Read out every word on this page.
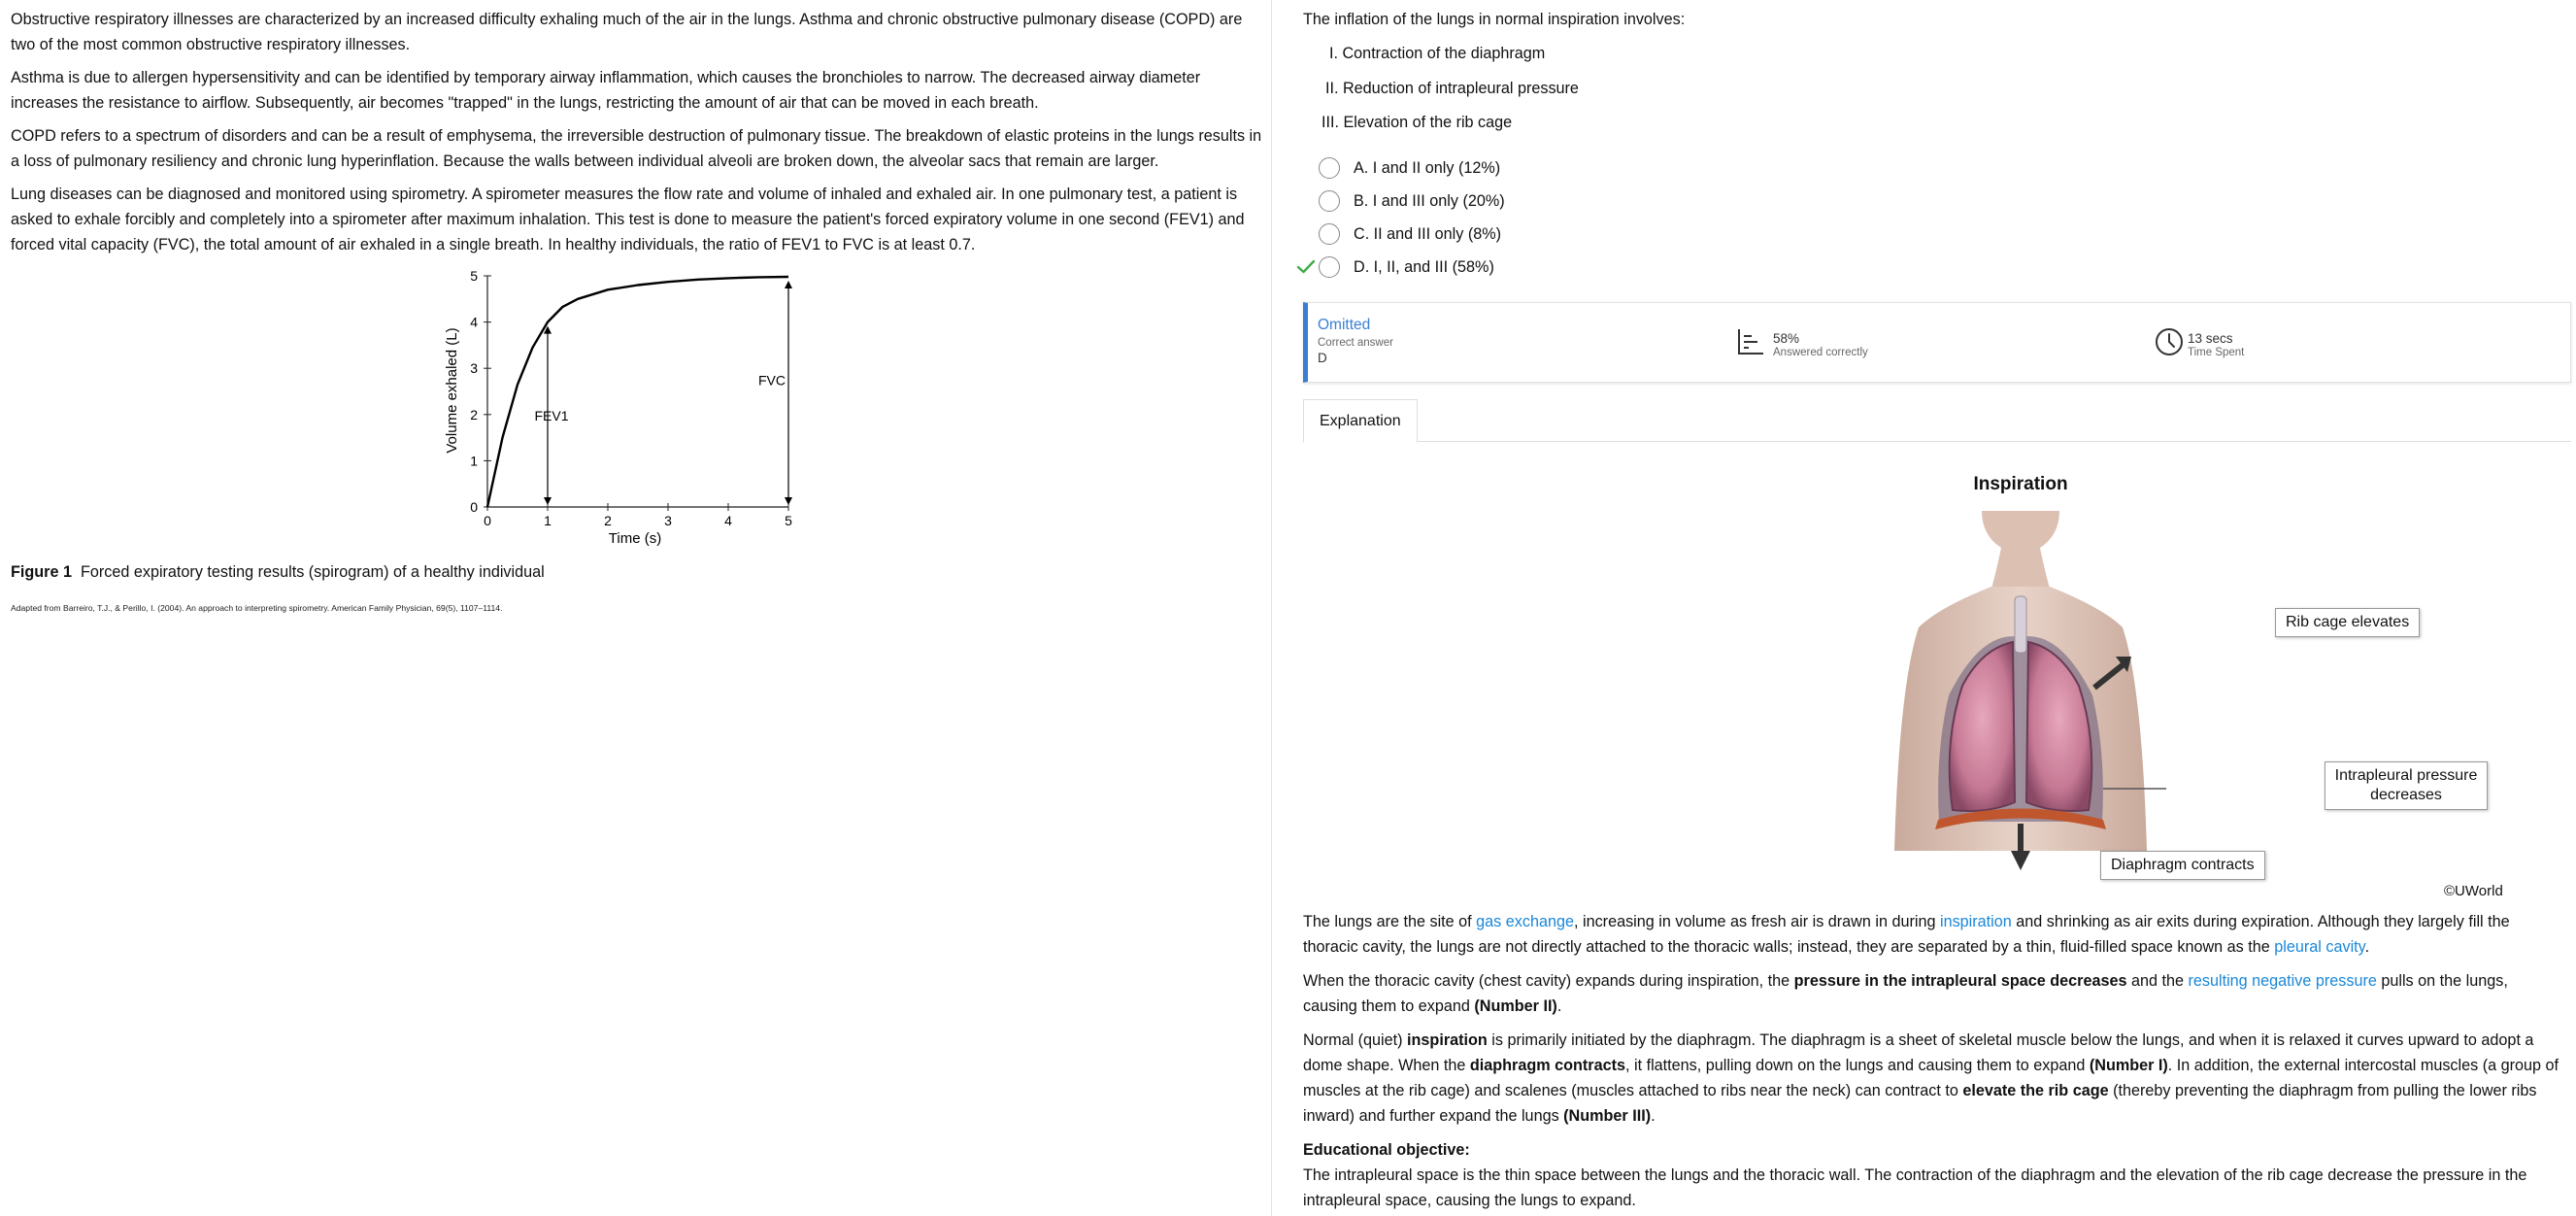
Obstructive respiratory illnesses are characterized by an increased difficulty exhaling much of the air in the lungs. Asthma and chronic obstructive pulmonary disease (COPD) are two of the most common obstructive respiratory illnesses.

Asthma is due to allergen hypersensitivity and can be identified by temporary airway inflammation, which causes the bronchioles to narrow. The decreased airway diameter increases the resistance to airflow. Subsequently, air becomes "trapped" in the lungs, restricting the amount of air that can be moved in each breath.

COPD refers to a spectrum of disorders and can be a result of emphysema, the irreversible destruction of pulmonary tissue. The breakdown of elastic proteins in the lungs results in a loss of pulmonary resiliency and chronic lung hyperinflation. Because the walls between individual alveoli are broken down, the alveolar sacs that remain are larger.

Lung diseases can be diagnosed and monitored using spirometry. A spirometer measures the flow rate and volume of inhaled and exhaled air. In one pulmonary test, a patient is asked to exhale forcibly and completely into a spirometer after maximum inhalation. This test is done to measure the patient's forced expiratory volume in one second (FEV1) and forced vital capacity (FVC), the total amount of air exhaled in a single breath. In healthy individuals, the ratio of FEV1 to FVC is at least 0.7.

Volume exhaled (L)
Time (s)
0	1	2	3	4	5
0
1
2
3
4
5
FEV1
FVC
Figure 1 Forced expiratory testing results (spirogram) of a healthy individual
Adapted from Barreiro, T.J., & Perillo, I. (2004). An approach to interpreting spirometry. American Family Physician, 69(5), 1107–1114.
The inflation of the lungs in normal inspiration involves:
I. Contraction of the diaphragm
II. Reduction of intrapleural pressure
III. Elevation of the rib cage
A. I and II only (12%)
B. I and III only (20%)
C. II and III only (8%)
D. I, II, and III (58%)
Omitted
Correct answer
D
58%
Answered correctly
13 secs
Time Spent
Explanation
Inspiration
Rib cage elevates
Intrapleural pressure
decreases
Diaphragm contracts
©UWorld

The lungs are the site of gas exchange, increasing in volume as fresh air is drawn in during inspiration and shrinking as air exits during expiration. Although they largely fill the thoracic cavity, the lungs are not directly attached to the thoracic walls; instead, they are separated by a thin, fluid-filled space known as the pleural cavity.

When the thoracic cavity (chest cavity) expands during inspiration, the pressure in the intrapleural space decreases and the resulting negative pressure pulls on the lungs, causing them to expand (Number II).

Normal (quiet) inspiration is primarily initiated by the diaphragm. The diaphragm is a sheet of skeletal muscle below the lungs, and when it is relaxed it curves upward to adopt a dome shape. When the diaphragm contracts, it flattens, pulling down on the lungs and causing them to expand (Number I). In addition, the external intercostal muscles (a group of muscles at the rib cage) and scalenes (muscles attached to ribs near the neck) can contract to elevate the rib cage (thereby preventing the diaphragm from pulling the lower ribs inward) and further expand the lungs (Number III).

Educational objective:
The intrapleural space is the thin space between the lungs and the thoracic wall. The contraction of the diaphragm and the elevation of the rib cage decrease the pressure in the intrapleural space, causing the lungs to expand.
